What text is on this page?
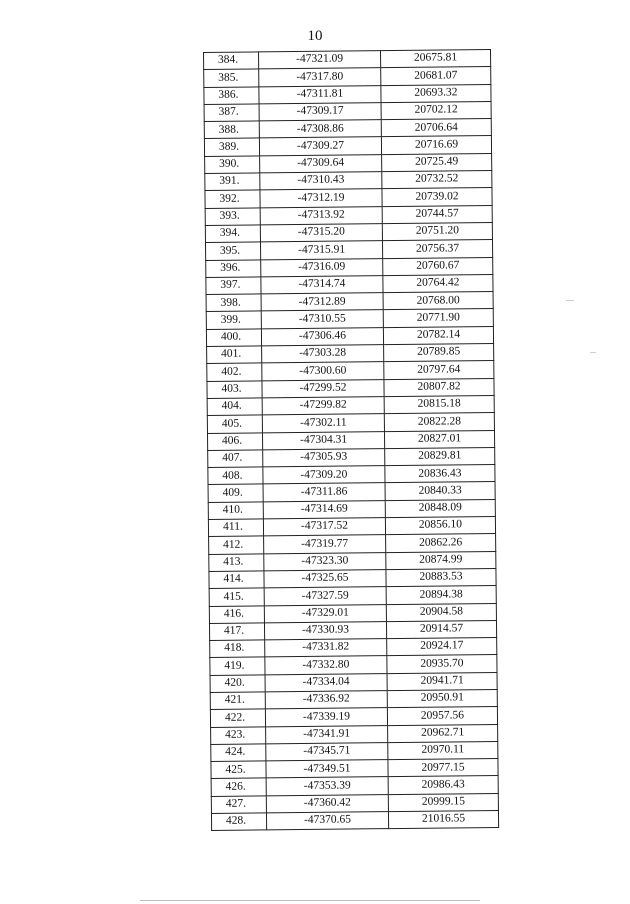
10
384.	-47321.09	20675.81
385.	-47317.80	20681.07
386.	-47311.81	20693.32
387.	-47309.17	20702.12
388.	-47308.86	20706.64
389.	-47309.27	20716.69
390.	-47309.64	20725.49
391.	-47310.43	20732.52
392.	-47312.19	20739.02
393.	-47313.92	20744.57
394.	-47315.20	20751.20
395.	-47315.91	20756.37
396.	-47316.09	20760.67
397.	-47314.74	20764.42
398.	-47312.89	20768.00
399.	-47310.55	20771.90
400.	-47306.46	20782.14
401.	-47303.28	20789.85
402.	-47300.60	20797.64
403.	-47299.52	20807.82
404.	-47299.82	20815.18
405.	-47302.11	20822.28
406.	-47304.31	20827.01
407.	-47305.93	20829.81
408.	-47309.20	20836.43
409.	-47311.86	20840.33
410.	-47314.69	20848.09
411.	-47317.52	20856.10
412.	-47319.77	20862.26
413.	-47323.30	20874.99
414.	-47325.65	20883.53
415.	-47327.59	20894.38
416.	-47329.01	20904.58
417.	-47330.93	20914.57
418.	-47331.82	20924.17
419.	-47332.80	20935.70
420.	-47334.04	20941.71
421.	-47336.92	20950.91
422.	-47339.19	20957.56
423.	-47341.91	20962.71
424.	-47345.71	20970.11
425.	-47349.51	20977.15
426.	-47353.39	20986.43
427.	-47360.42	20999.15
428.	-47370.65	21016.55
